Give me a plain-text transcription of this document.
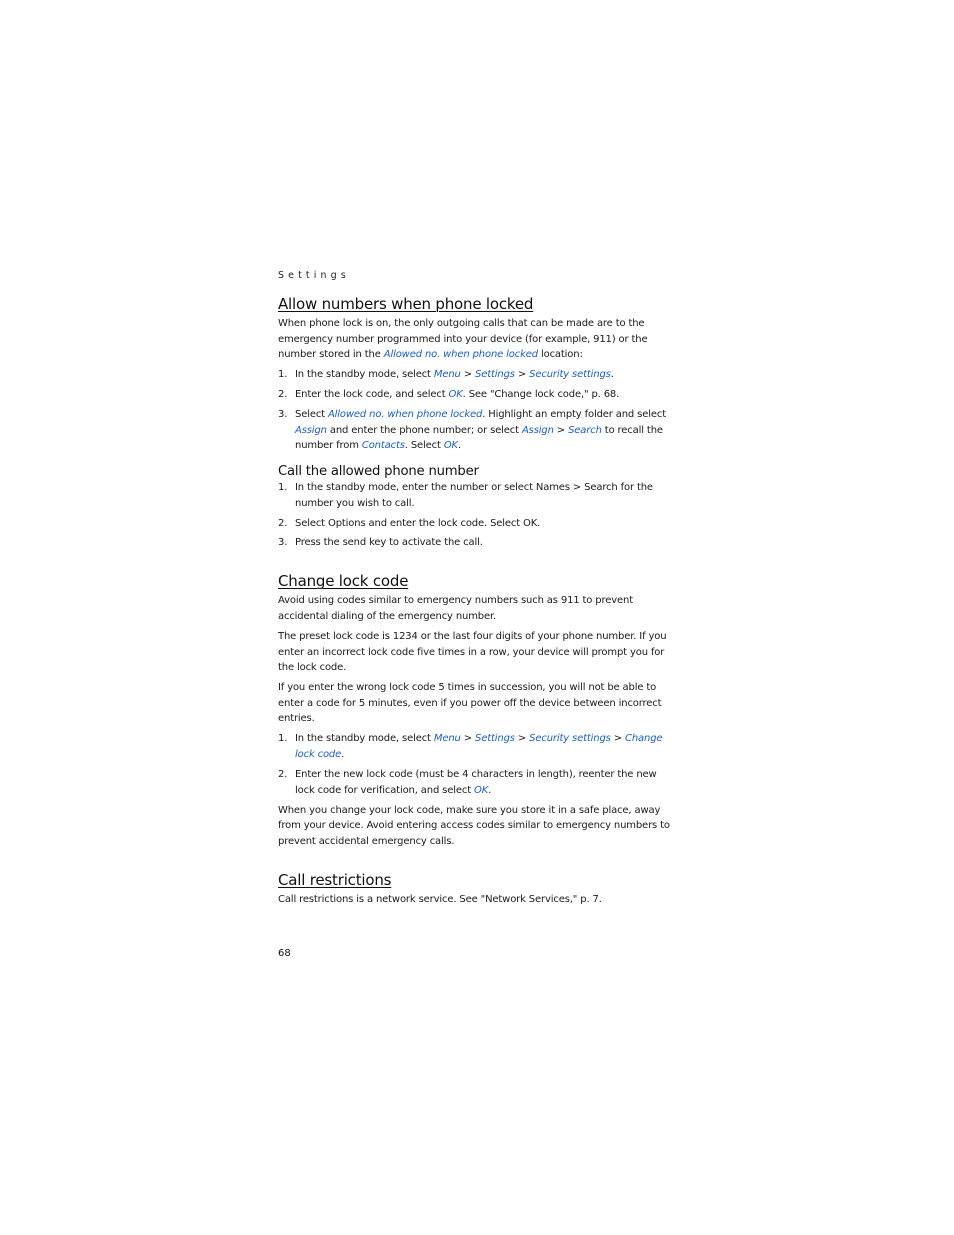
Settings
Allow numbers when phone locked

When phone lock is on, the only outgoing calls that can be made are to the emergency number programmed into your device (for example, 911) or the number stored in the Allowed no. when phone locked location:

1. In the standby mode, select Menu > Settings > Security settings.
2. Enter the lock code, and select OK. See "Change lock code," p. 68.
3. Select Allowed no. when phone locked. Highlight an empty folder and select Assign and enter the phone number; or select Assign > Search to recall the number from Contacts. Select OK.
Call the allowed phone number
1. In the standby mode, enter the number or select Names > Search for the number you wish to call.
2. Select Options and enter the lock code. Select OK.
3. Press the send key to activate the call.
Change lock code

Avoid using codes similar to emergency numbers such as 911 to prevent accidental dialing of the emergency number.

The preset lock code is 1234 or the last four digits of your phone number. If you enter an incorrect lock code five times in a row, your device will prompt you for the lock code.

If you enter the wrong lock code 5 times in succession, you will not be able to enter a code for 5 minutes, even if you power off the device between incorrect entries.

1. In the standby mode, select Menu > Settings > Security settings > Change lock code.
2. Enter the new lock code (must be 4 characters in length), reenter the new lock code for verification, and select OK.

When you change your lock code, make sure you store it in a safe place, away from your device. Avoid entering access codes similar to emergency numbers to prevent accidental emergency calls.

Call restrictions

Call restrictions is a network service. See "Network Services," p. 7.

68
